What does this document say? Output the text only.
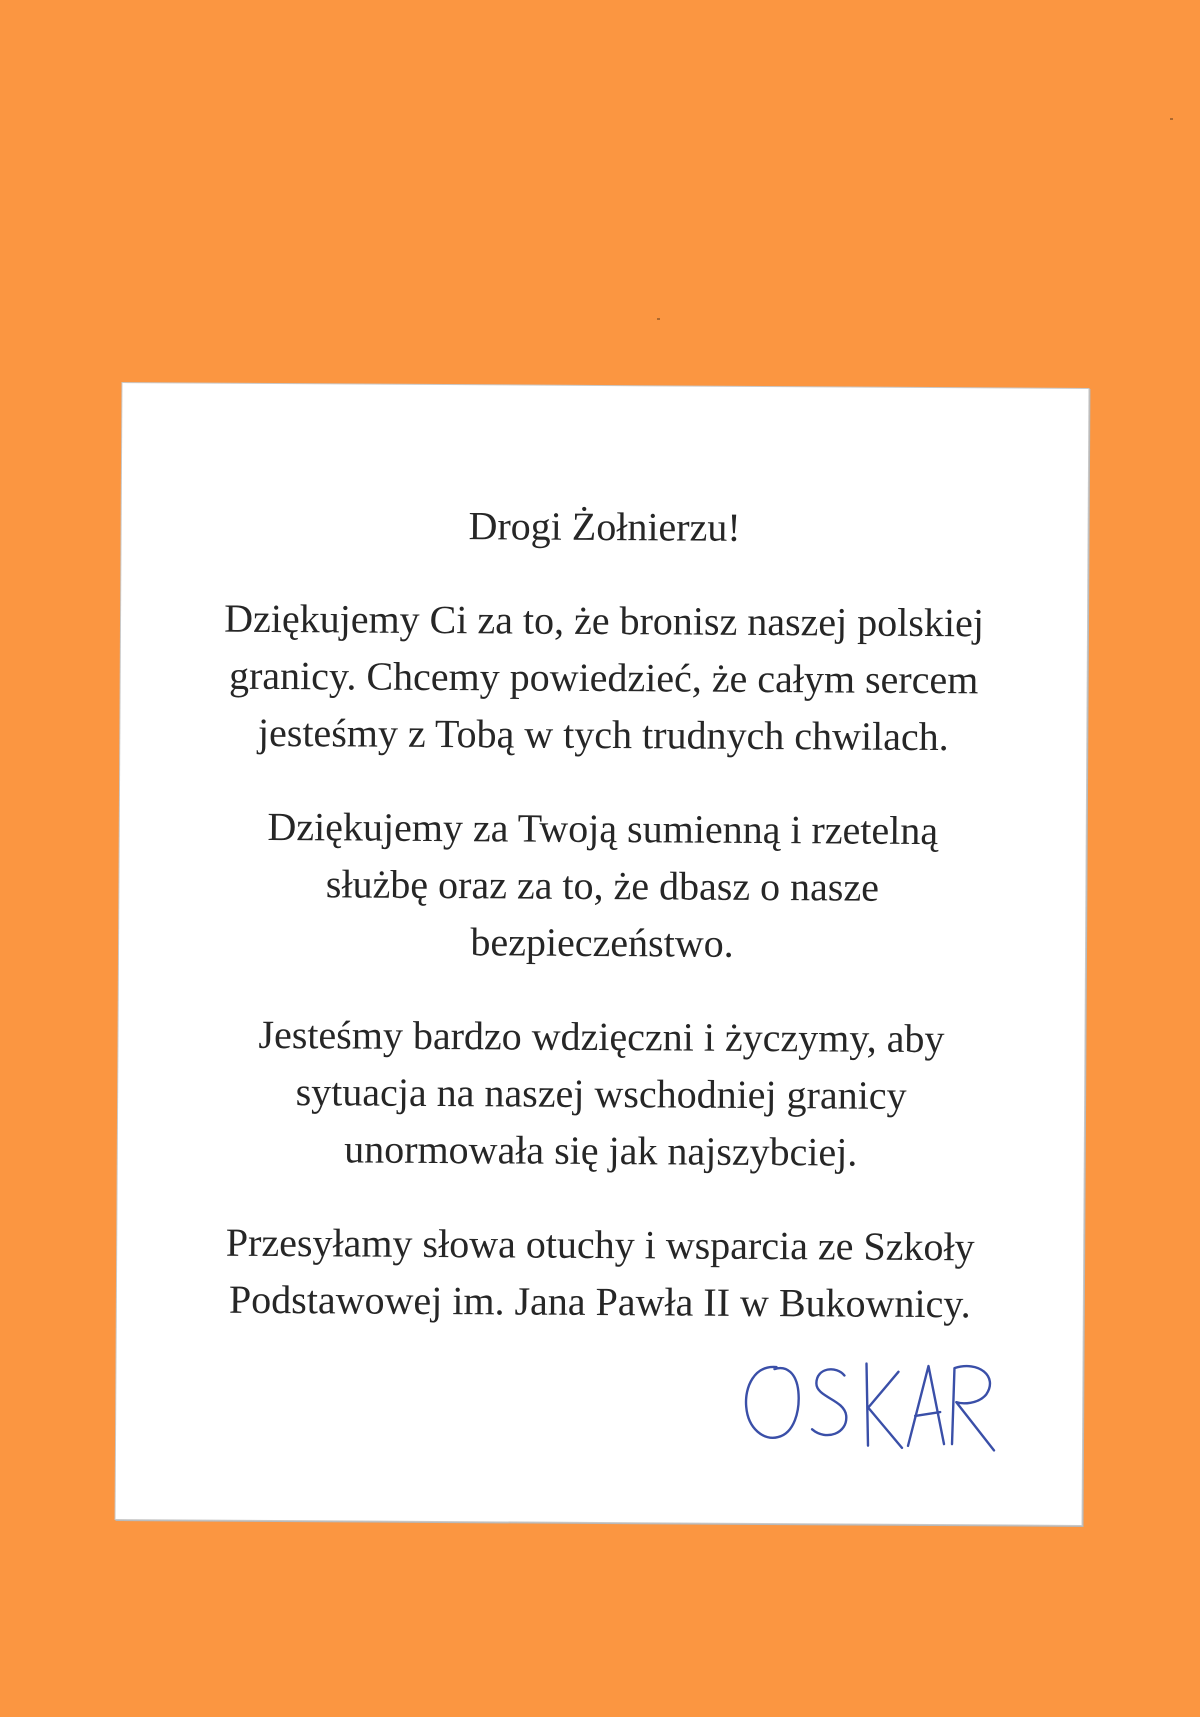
Drogi Żołnierzu!
Dziękujemy Ci za to, że bronisz naszej polskiej
granicy. Chcemy powiedzieć, że całym sercem
jesteśmy z Tobą w tych trudnych chwilach.
Dziękujemy za Twoją sumienną i rzetelną
służbę oraz za to, że dbasz o nasze
bezpieczeństwo.
Jesteśmy bardzo wdzięczni i życzymy, aby
sytuacja na naszej wschodniej granicy
unormowała się jak najszybciej.
Przesyłamy słowa otuchy i wsparcia ze Szkoły
Podstawowej im. Jana Pawła II w Bukownicy.
